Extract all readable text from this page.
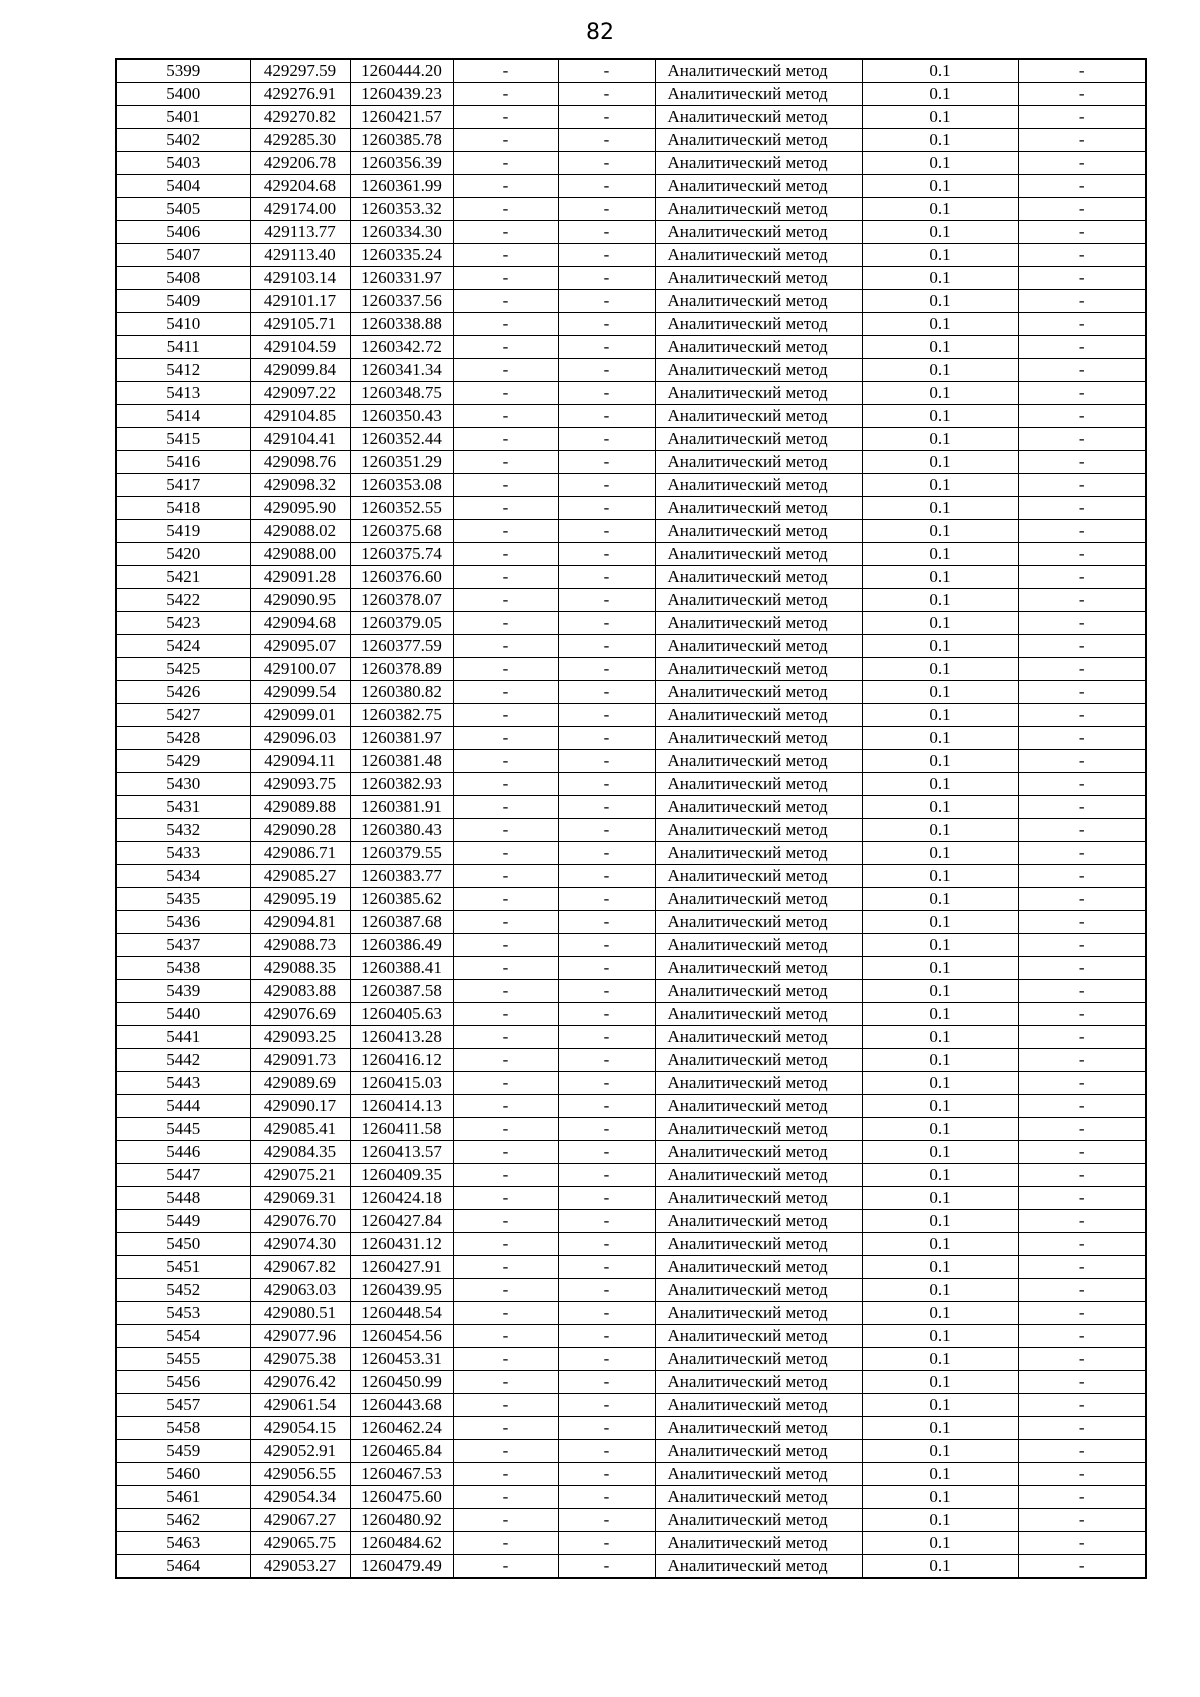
82
5399	429297.59	1260444.20	-	-	Аналитический метод	0.1	-
5400	429276.91	1260439.23	-	-	Аналитический метод	0.1	-
5401	429270.82	1260421.57	-	-	Аналитический метод	0.1	-
5402	429285.30	1260385.78	-	-	Аналитический метод	0.1	-
5403	429206.78	1260356.39	-	-	Аналитический метод	0.1	-
5404	429204.68	1260361.99	-	-	Аналитический метод	0.1	-
5405	429174.00	1260353.32	-	-	Аналитический метод	0.1	-
5406	429113.77	1260334.30	-	-	Аналитический метод	0.1	-
5407	429113.40	1260335.24	-	-	Аналитический метод	0.1	-
5408	429103.14	1260331.97	-	-	Аналитический метод	0.1	-
5409	429101.17	1260337.56	-	-	Аналитический метод	0.1	-
5410	429105.71	1260338.88	-	-	Аналитический метод	0.1	-
5411	429104.59	1260342.72	-	-	Аналитический метод	0.1	-
5412	429099.84	1260341.34	-	-	Аналитический метод	0.1	-
5413	429097.22	1260348.75	-	-	Аналитический метод	0.1	-
5414	429104.85	1260350.43	-	-	Аналитический метод	0.1	-
5415	429104.41	1260352.44	-	-	Аналитический метод	0.1	-
5416	429098.76	1260351.29	-	-	Аналитический метод	0.1	-
5417	429098.32	1260353.08	-	-	Аналитический метод	0.1	-
5418	429095.90	1260352.55	-	-	Аналитический метод	0.1	-
5419	429088.02	1260375.68	-	-	Аналитический метод	0.1	-
5420	429088.00	1260375.74	-	-	Аналитический метод	0.1	-
5421	429091.28	1260376.60	-	-	Аналитический метод	0.1	-
5422	429090.95	1260378.07	-	-	Аналитический метод	0.1	-
5423	429094.68	1260379.05	-	-	Аналитический метод	0.1	-
5424	429095.07	1260377.59	-	-	Аналитический метод	0.1	-
5425	429100.07	1260378.89	-	-	Аналитический метод	0.1	-
5426	429099.54	1260380.82	-	-	Аналитический метод	0.1	-
5427	429099.01	1260382.75	-	-	Аналитический метод	0.1	-
5428	429096.03	1260381.97	-	-	Аналитический метод	0.1	-
5429	429094.11	1260381.48	-	-	Аналитический метод	0.1	-
5430	429093.75	1260382.93	-	-	Аналитический метод	0.1	-
5431	429089.88	1260381.91	-	-	Аналитический метод	0.1	-
5432	429090.28	1260380.43	-	-	Аналитический метод	0.1	-
5433	429086.71	1260379.55	-	-	Аналитический метод	0.1	-
5434	429085.27	1260383.77	-	-	Аналитический метод	0.1	-
5435	429095.19	1260385.62	-	-	Аналитический метод	0.1	-
5436	429094.81	1260387.68	-	-	Аналитический метод	0.1	-
5437	429088.73	1260386.49	-	-	Аналитический метод	0.1	-
5438	429088.35	1260388.41	-	-	Аналитический метод	0.1	-
5439	429083.88	1260387.58	-	-	Аналитический метод	0.1	-
5440	429076.69	1260405.63	-	-	Аналитический метод	0.1	-
5441	429093.25	1260413.28	-	-	Аналитический метод	0.1	-
5442	429091.73	1260416.12	-	-	Аналитический метод	0.1	-
5443	429089.69	1260415.03	-	-	Аналитический метод	0.1	-
5444	429090.17	1260414.13	-	-	Аналитический метод	0.1	-
5445	429085.41	1260411.58	-	-	Аналитический метод	0.1	-
5446	429084.35	1260413.57	-	-	Аналитический метод	0.1	-
5447	429075.21	1260409.35	-	-	Аналитический метод	0.1	-
5448	429069.31	1260424.18	-	-	Аналитический метод	0.1	-
5449	429076.70	1260427.84	-	-	Аналитический метод	0.1	-
5450	429074.30	1260431.12	-	-	Аналитический метод	0.1	-
5451	429067.82	1260427.91	-	-	Аналитический метод	0.1	-
5452	429063.03	1260439.95	-	-	Аналитический метод	0.1	-
5453	429080.51	1260448.54	-	-	Аналитический метод	0.1	-
5454	429077.96	1260454.56	-	-	Аналитический метод	0.1	-
5455	429075.38	1260453.31	-	-	Аналитический метод	0.1	-
5456	429076.42	1260450.99	-	-	Аналитический метод	0.1	-
5457	429061.54	1260443.68	-	-	Аналитический метод	0.1	-
5458	429054.15	1260462.24	-	-	Аналитический метод	0.1	-
5459	429052.91	1260465.84	-	-	Аналитический метод	0.1	-
5460	429056.55	1260467.53	-	-	Аналитический метод	0.1	-
5461	429054.34	1260475.60	-	-	Аналитический метод	0.1	-
5462	429067.27	1260480.92	-	-	Аналитический метод	0.1	-
5463	429065.75	1260484.62	-	-	Аналитический метод	0.1	-
5464	429053.27	1260479.49	-	-	Аналитический метод	0.1	-
